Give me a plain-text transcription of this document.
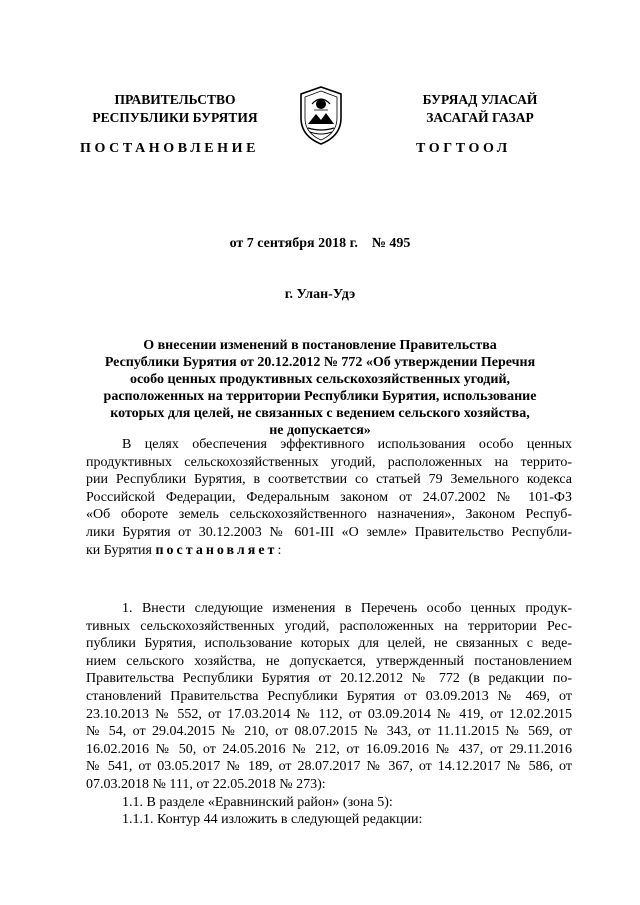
ПРАВИТЕЛЬСТВО
РЕСПУБЛИКИ БУРЯТИЯ
БУРЯАД УЛАСАЙ
ЗАСАГАЙ ГАЗАР
ПОСТАНОВЛЕНИЕ	ТОГТООЛ
от 7 сентября 2018 г.    № 495
г. Улан-Удэ
О внесении изменений в постановление Правительства
Республики Бурятия от 20.12.2012 № 772 «Об утверждении Перечня
особо ценных продуктивных сельскохозяйственных угодий,
расположенных на территории Республики Бурятия, использование
которых для целей, не связанных с ведением сельского хозяйства,
не допускается»
В целях обеспечения эффективного использования особо ценных
продуктивных сельскохозяйственных угодий, расположенных на террито-
рии Республики Бурятия, в соответствии со статьей 79 Земельного кодекса
Российской Федерации, Федеральным законом от 24.07.2002 № 101-ФЗ
«Об обороте земель сельскохозяйственного назначения», Законом Респуб-
лики Бурятия от 30.12.2003 № 601-III «О земле» Правительство Республи-
ки Бурятия постановляет:
1. Внести следующие изменения в Перечень особо ценных продук-
тивных сельскохозяйственных угодий, расположенных на территории Рес-
публики Бурятия, использование которых для целей, не связанных с веде-
нием сельского хозяйства, не допускается, утвержденный постановлением
Правительства Республики Бурятия от 20.12.2012 № 772 (в редакции по-
становлений Правительства Республики Бурятия от 03.09.2013 № 469, от
23.10.2013 № 552, от 17.03.2014 № 112, от 03.09.2014 № 419, от 12.02.2015
№ 54, от 29.04.2015 № 210, от 08.07.2015 № 343, от 11.11.2015 № 569, от
16.02.2016 № 50, от 24.05.2016 № 212, от 16.09.2016 № 437, от 29.11.2016
№ 541, от 03.05.2017 № 189, от 28.07.2017 № 367, от 14.12.2017 № 586, от
07.03.2018 № 111, от 22.05.2018 № 273):
1.1. В разделе «Еравнинский район» (зона 5):
1.1.1. Контур 44 изложить в следующей редакции:
